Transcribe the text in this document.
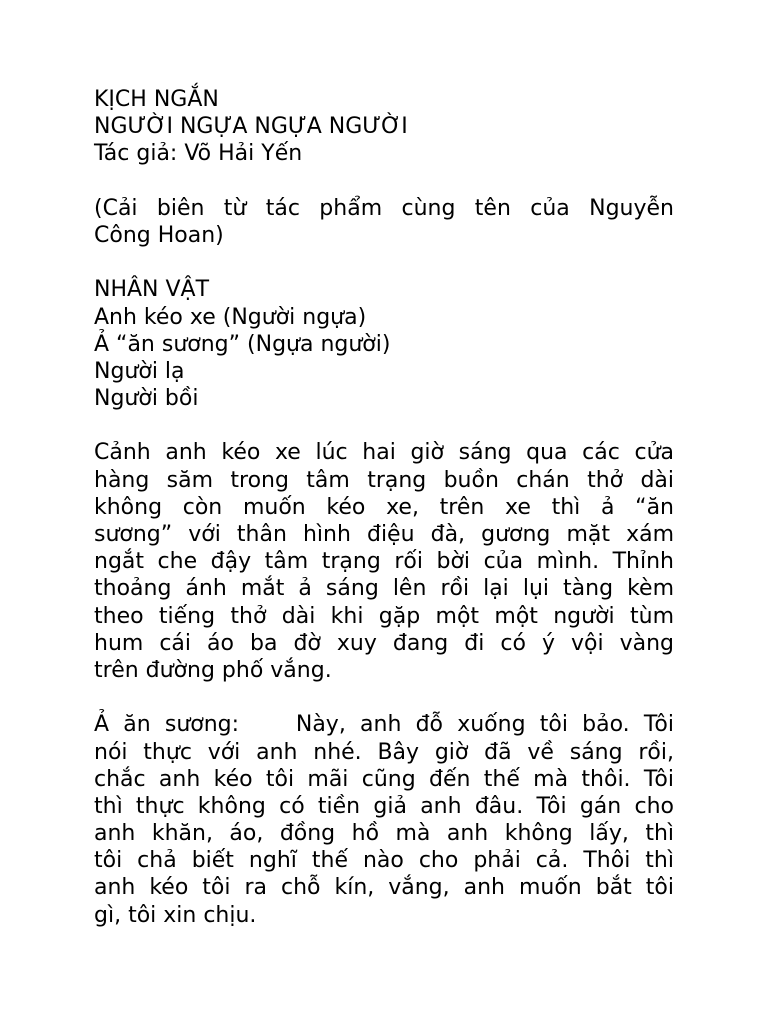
KỊCH NGẮN
NGƯỜI NGỰA NGỰA NGƯỜI
Tác giả: Võ Hải Yến
(Cải biên từ tác phẩm cùng tên của Nguyễn
Công Hoan)
NHÂN VẬT
Anh kéo xe (Người ngựa)
Ả “ăn sương” (Ngựa người)
Người lạ
Người bồi
Cảnh anh kéo xe lúc hai giờ sáng qua các cửa
hàng săm trong tâm trạng buồn chán thở dài
không còn muốn kéo xe, trên xe thì ả “ăn
sương” với thân hình điệu đà, gương mặt xám
ngắt che đậy tâm trạng rối bời của mình. Thỉnh
thoảng ánh mắt ả sáng lên rồi lại lụi tàng kèm
theo tiếng thở dài khi gặp một một người tùm
hum cái áo ba đờ xuy đang đi có ý vội vàng
trên đường phố vắng.
Ả ăn sương:    Này, anh đỗ xuống tôi bảo. Tôi
nói thực với anh nhé. Bây giờ đã về sáng rồi,
chắc anh kéo tôi mãi cũng đến thế mà thôi. Tôi
thì thực không có tiền giả anh đâu. Tôi gán cho
anh khăn, áo, đồng hồ mà anh không lấy, thì
tôi chả biết nghĩ thế nào cho phải cả. Thôi thì
anh kéo tôi ra chỗ kín, vắng, anh muốn bắt tôi
gì, tôi xin chịu.
